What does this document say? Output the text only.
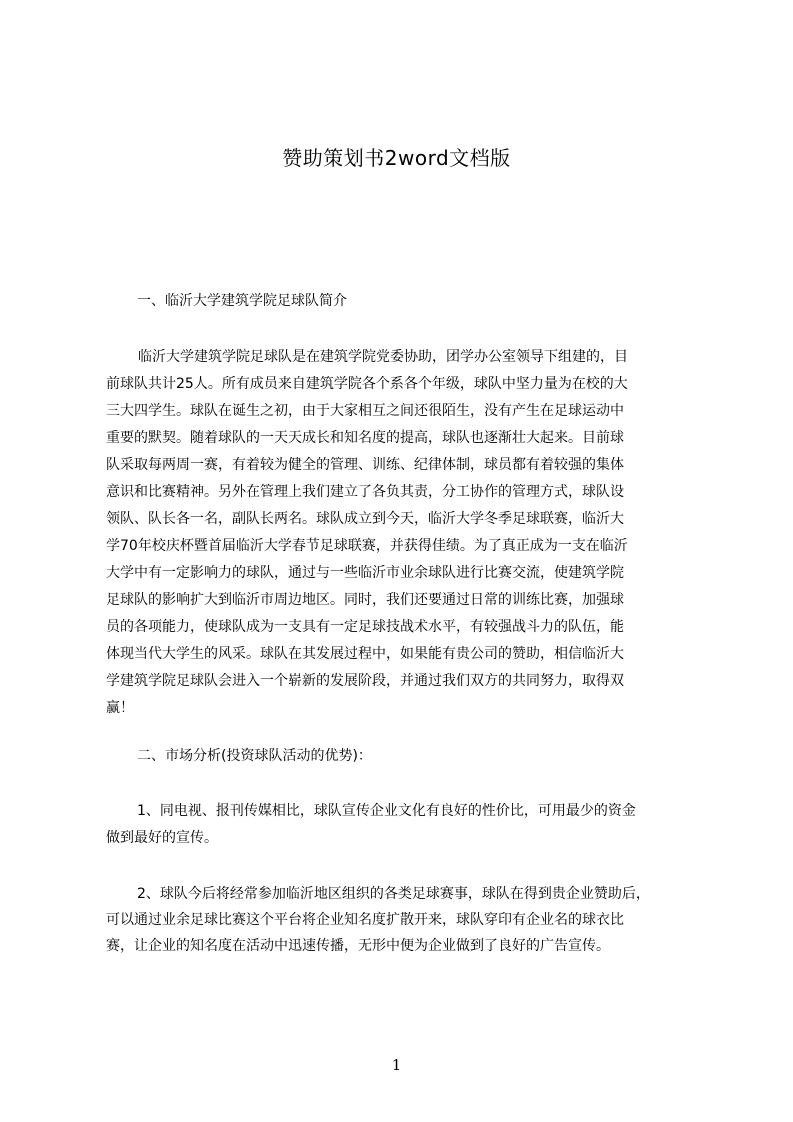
赞助策划书2word文档版
一、临沂大学建筑学院足球队简介
临沂大学建筑学院足球队是在建筑学院党委协助，团学办公室领导下组建的，目
前球队共计25人。所有成员来自建筑学院各个系各个年级，球队中坚力量为在校的大
三大四学生。球队在诞生之初，由于大家相互之间还很陌生，没有产生在足球运动中
重要的默契。随着球队的一天天成长和知名度的提高，球队也逐渐壮大起来。目前球
队采取每两周一赛，有着较为健全的管理、训练、纪律体制，球员都有着较强的集体
意识和比赛精神。另外在管理上我们建立了各负其责，分工协作的管理方式，球队设
领队、队长各一名，副队长两名。球队成立到今天，临沂大学冬季足球联赛，临沂大
学70年校庆杯暨首届临沂大学春节足球联赛，并获得佳绩。为了真正成为一支在临沂
大学中有一定影响力的球队，通过与一些临沂市业余球队进行比赛交流，使建筑学院
足球队的影响扩大到临沂市周边地区。同时，我们还要通过日常的训练比赛，加强球
员的各项能力，使球队成为一支具有一定足球技战术水平，有较强战斗力的队伍，能
体现当代大学生的风采。球队在其发展过程中，如果能有贵公司的赞助，相信临沂大
学建筑学院足球队会进入一个崭新的发展阶段，并通过我们双方的共同努力，取得双
赢！
二、市场分析(投资球队活动的优势)：
1、同电视、报刊传媒相比，球队宣传企业文化有良好的性价比，可用最少的资金
做到最好的宣传。
2、球队今后将经常参加临沂地区组织的各类足球赛事，球队在得到贵企业赞助后，
可以通过业余足球比赛这个平台将企业知名度扩散开来，球队穿印有企业名的球衣比
赛，让企业的知名度在活动中迅速传播，无形中便为企业做到了良好的广告宣传。
1
